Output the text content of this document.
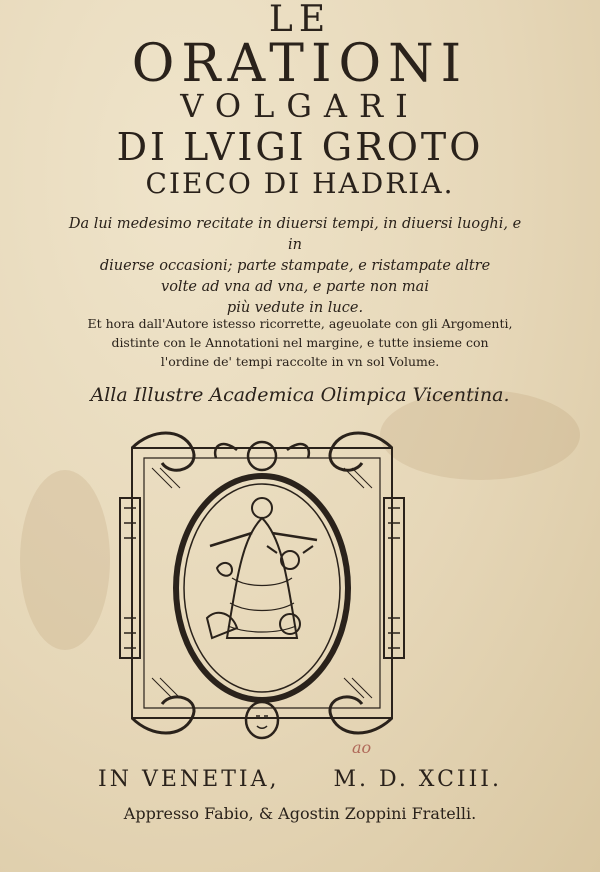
LE
ORATIONI
VOLGARI
DI LVIGI GROTO
CIECO DI HADRIA.
Da lui medesimo recitate in diuersi tempi, in diuersi luoghi, e in
diuerse occasioni; parte stampate, e ristampate altre
volte ad vna ad vna, e parte non mai
più vedute in luce.
Et hora dall'Autore istesso ricorrette, ageuolate con gli Argomenti,
distinte con le Annotationi nel margine, e tutte insieme con
l'ordine de' tempi raccolte in vn sol Volume.
Alla Illustre Academica Olimpica Vicentina.
ao
IN VENETIA, M. D. XCIII.
Appresso Fabio, & Agostin Zoppini Fratelli.
